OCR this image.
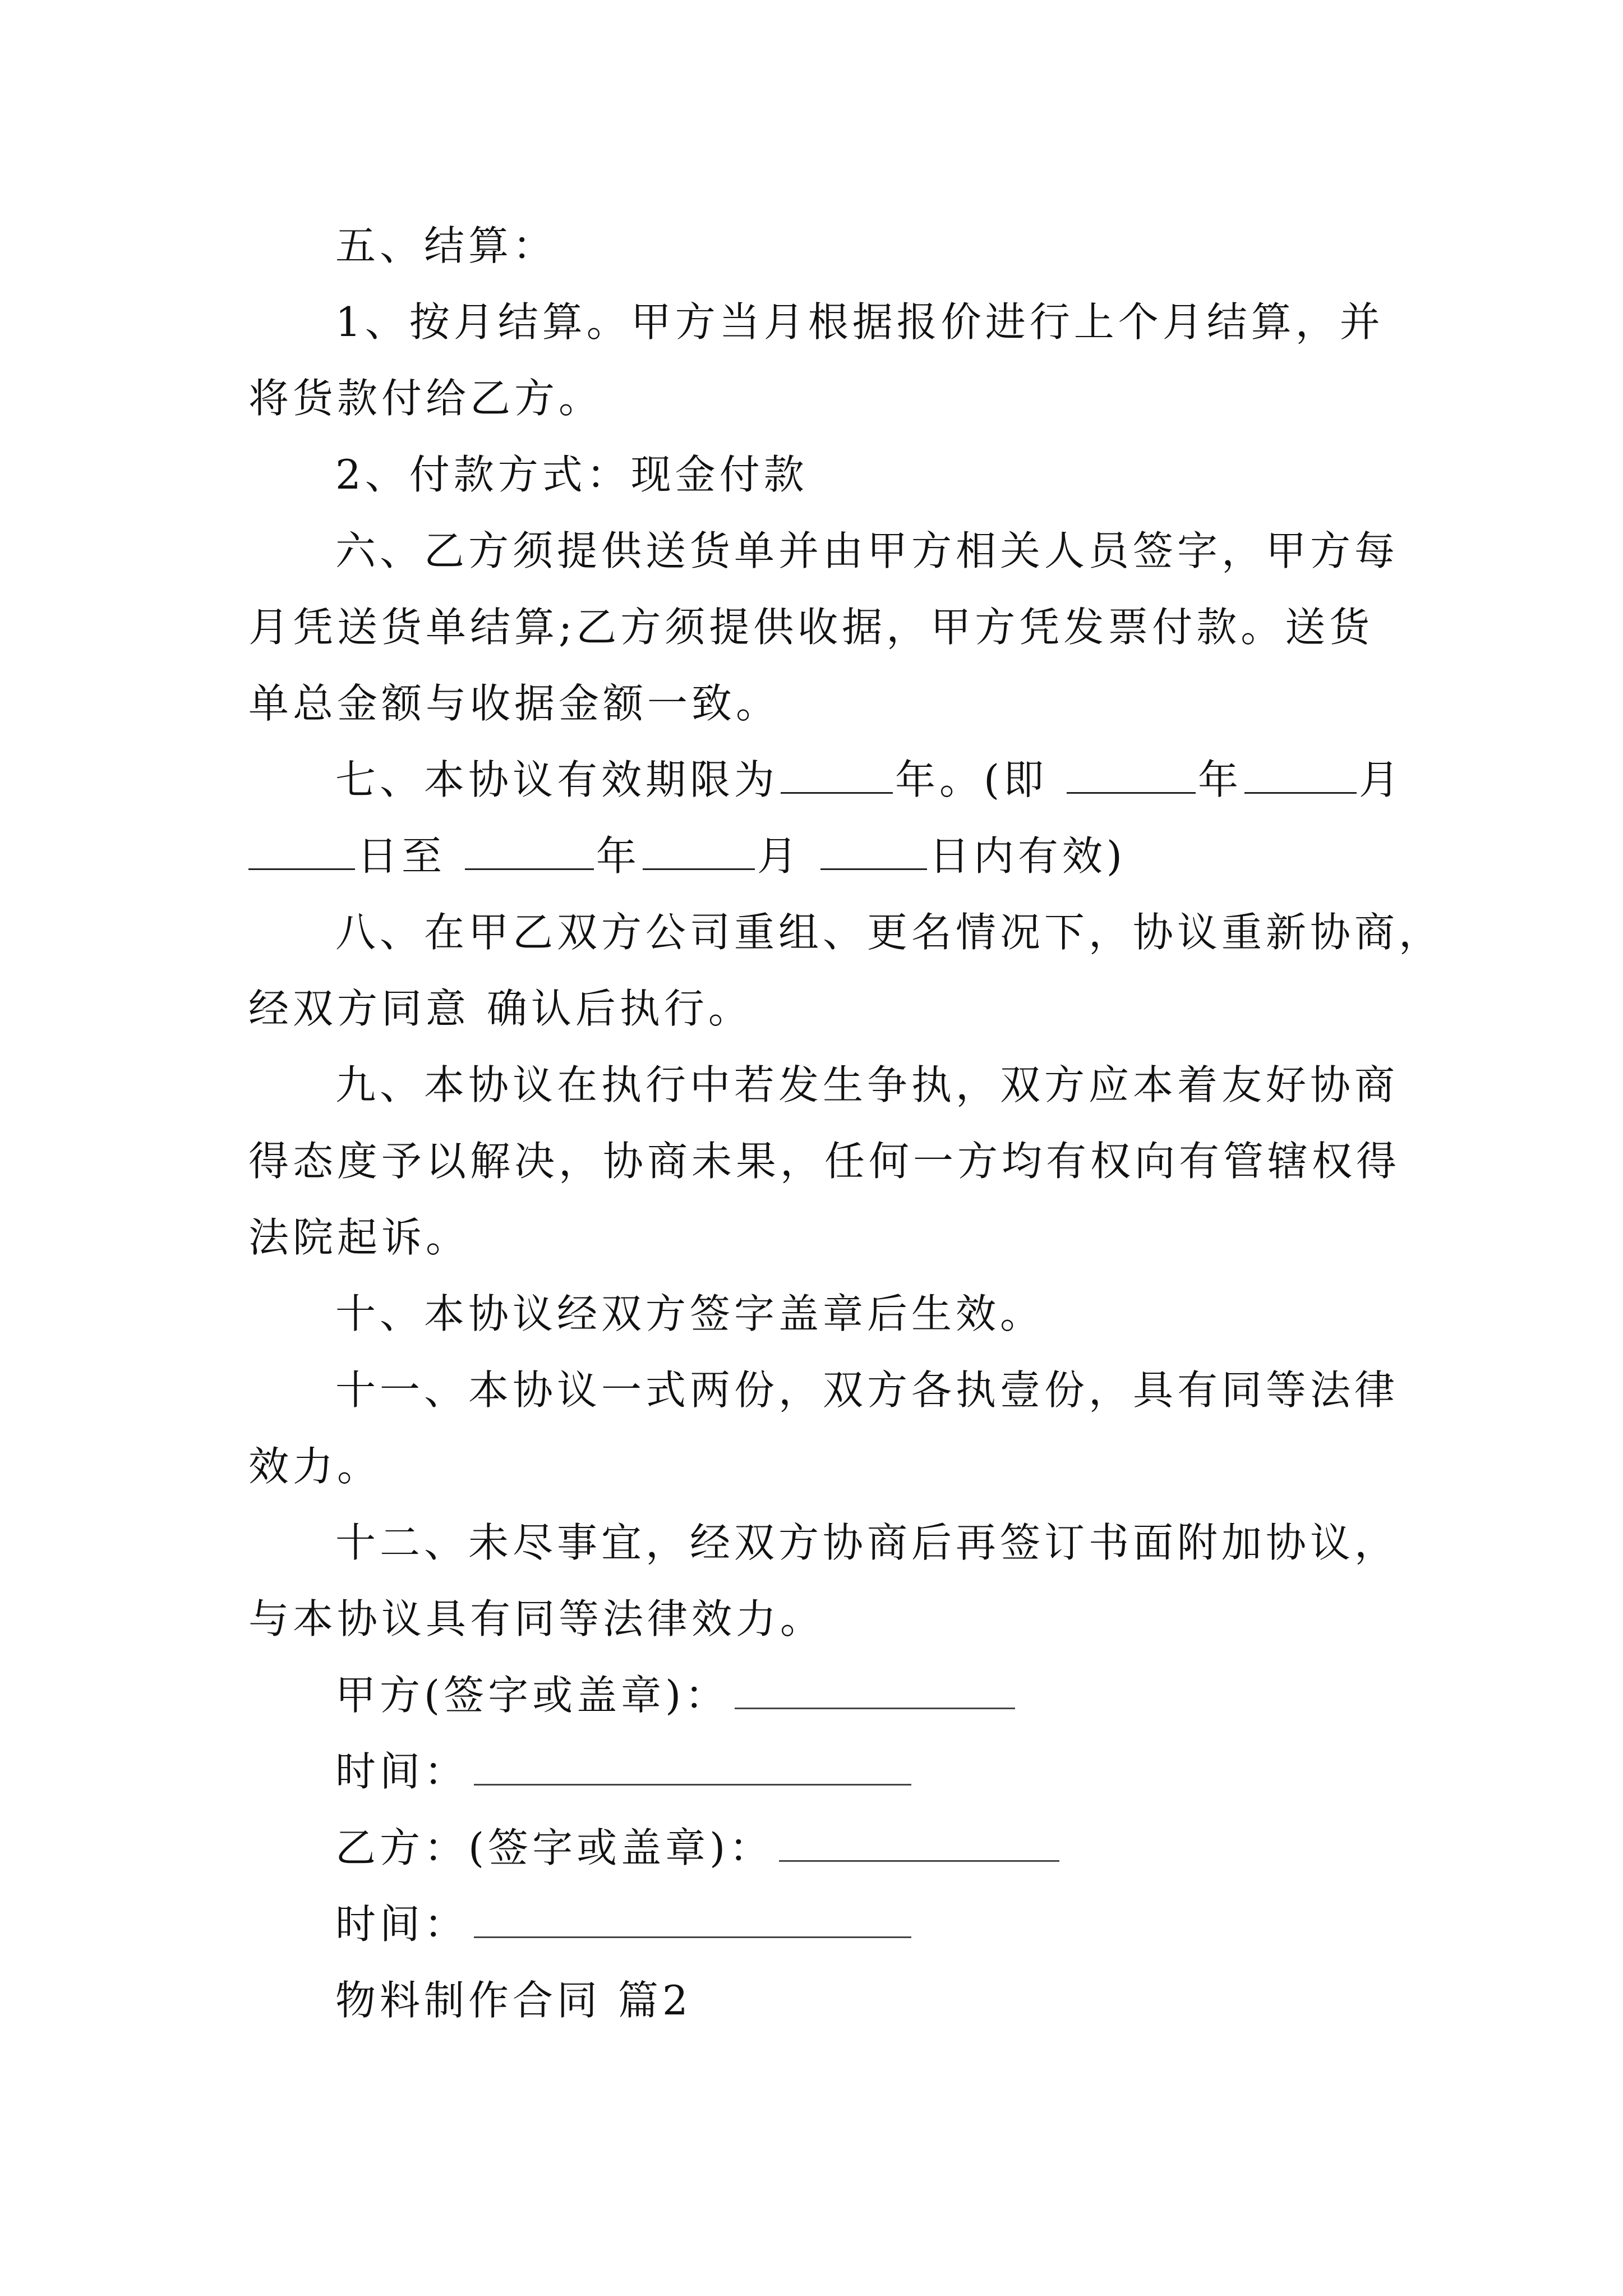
五、结算：
1、按月结算。甲方当月根据报价进行上个月结算，并
将货款付给乙方。
2、付款方式：现金付款
六、乙方须提供送货单并由甲方相关人员签字，甲方每
月凭送货单结算;乙方须提供收据，甲方凭发票付款。送货
单总金额与收据金额一致。
七、本协议有效期限为	年。(即	年	月
日至	年	月	日内有效)
八、在甲乙双方公司重组、更名情况下，协议重新协商，
经双方同意 确认后执行。
九、本协议在执行中若发生争执，双方应本着友好协商
得态度予以解决，协商未果，任何一方均有权向有管辖权得
法院起诉。
十、本协议经双方签字盖章后生效。
十一、本协议一式两份，双方各执壹份，具有同等法律
效力。
十二、未尽事宜，经双方协商后再签订书面附加协议，
与本协议具有同等法律效力。
甲方(签字或盖章)：
时间：
乙方：(签字或盖章)：
时间：
物料制作合同 篇2
